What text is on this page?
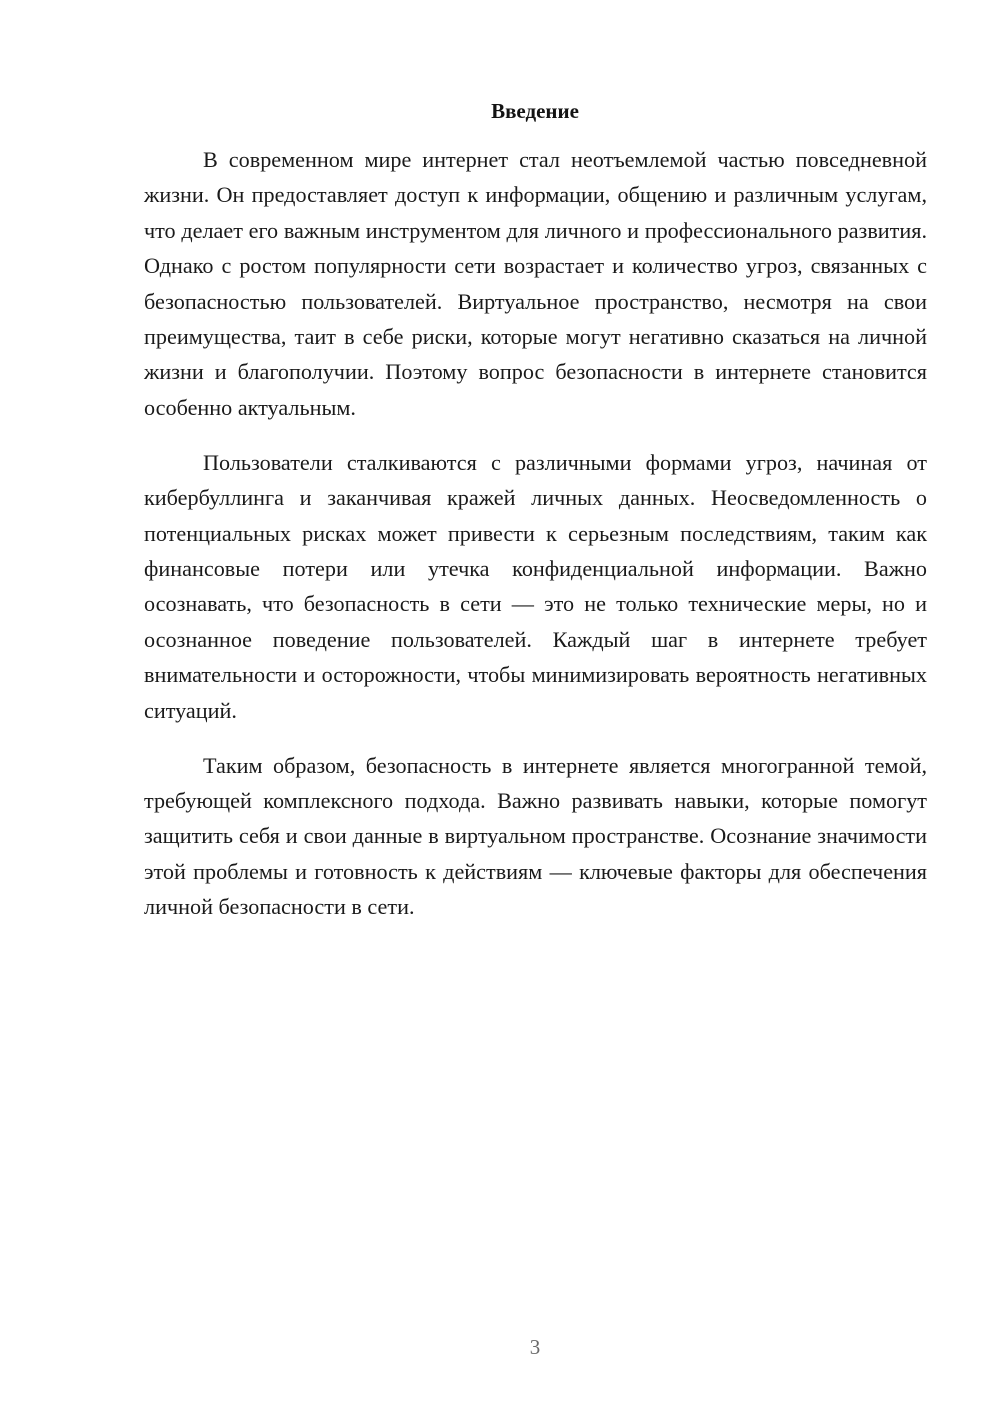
Введение

В современном мире интернет стал неотъемлемой частью повседневной жизни. Он предоставляет доступ к информации, общению и различным услугам, что делает его важным инструментом для личного и профессионального развития. Однако с ростом популярности сети возрастает и количество угроз, связанных с безопасностью пользователей. Виртуальное пространство, несмотря на свои преимущества, таит в себе риски, которые могут негативно сказаться на личной жизни и благополучии. Поэтому вопрос безопасности в интернете становится особенно актуальным.

Пользователи сталкиваются с различными формами угроз, начиная от кибербуллинга и заканчивая кражей личных данных. Неосведомленность о потенциальных рисках может привести к серьезным последствиям, таким как финансовые потери или утечка конфиденциальной информации. Важно осознавать, что безопасность в сети — это не только технические меры, но и осознанное поведение пользователей. Каждый шаг в интернете требует внимательности и осторожности, чтобы минимизировать вероятность негативных ситуаций.

Таким образом, безопасность в интернете является многогранной темой, требующей комплексного подхода. Важно развивать навыки, которые помогут защитить себя и свои данные в виртуальном пространстве. Осознание значимости этой проблемы и готовность к действиям — ключевые факторы для обеспечения личной безопасности в сети.

3
